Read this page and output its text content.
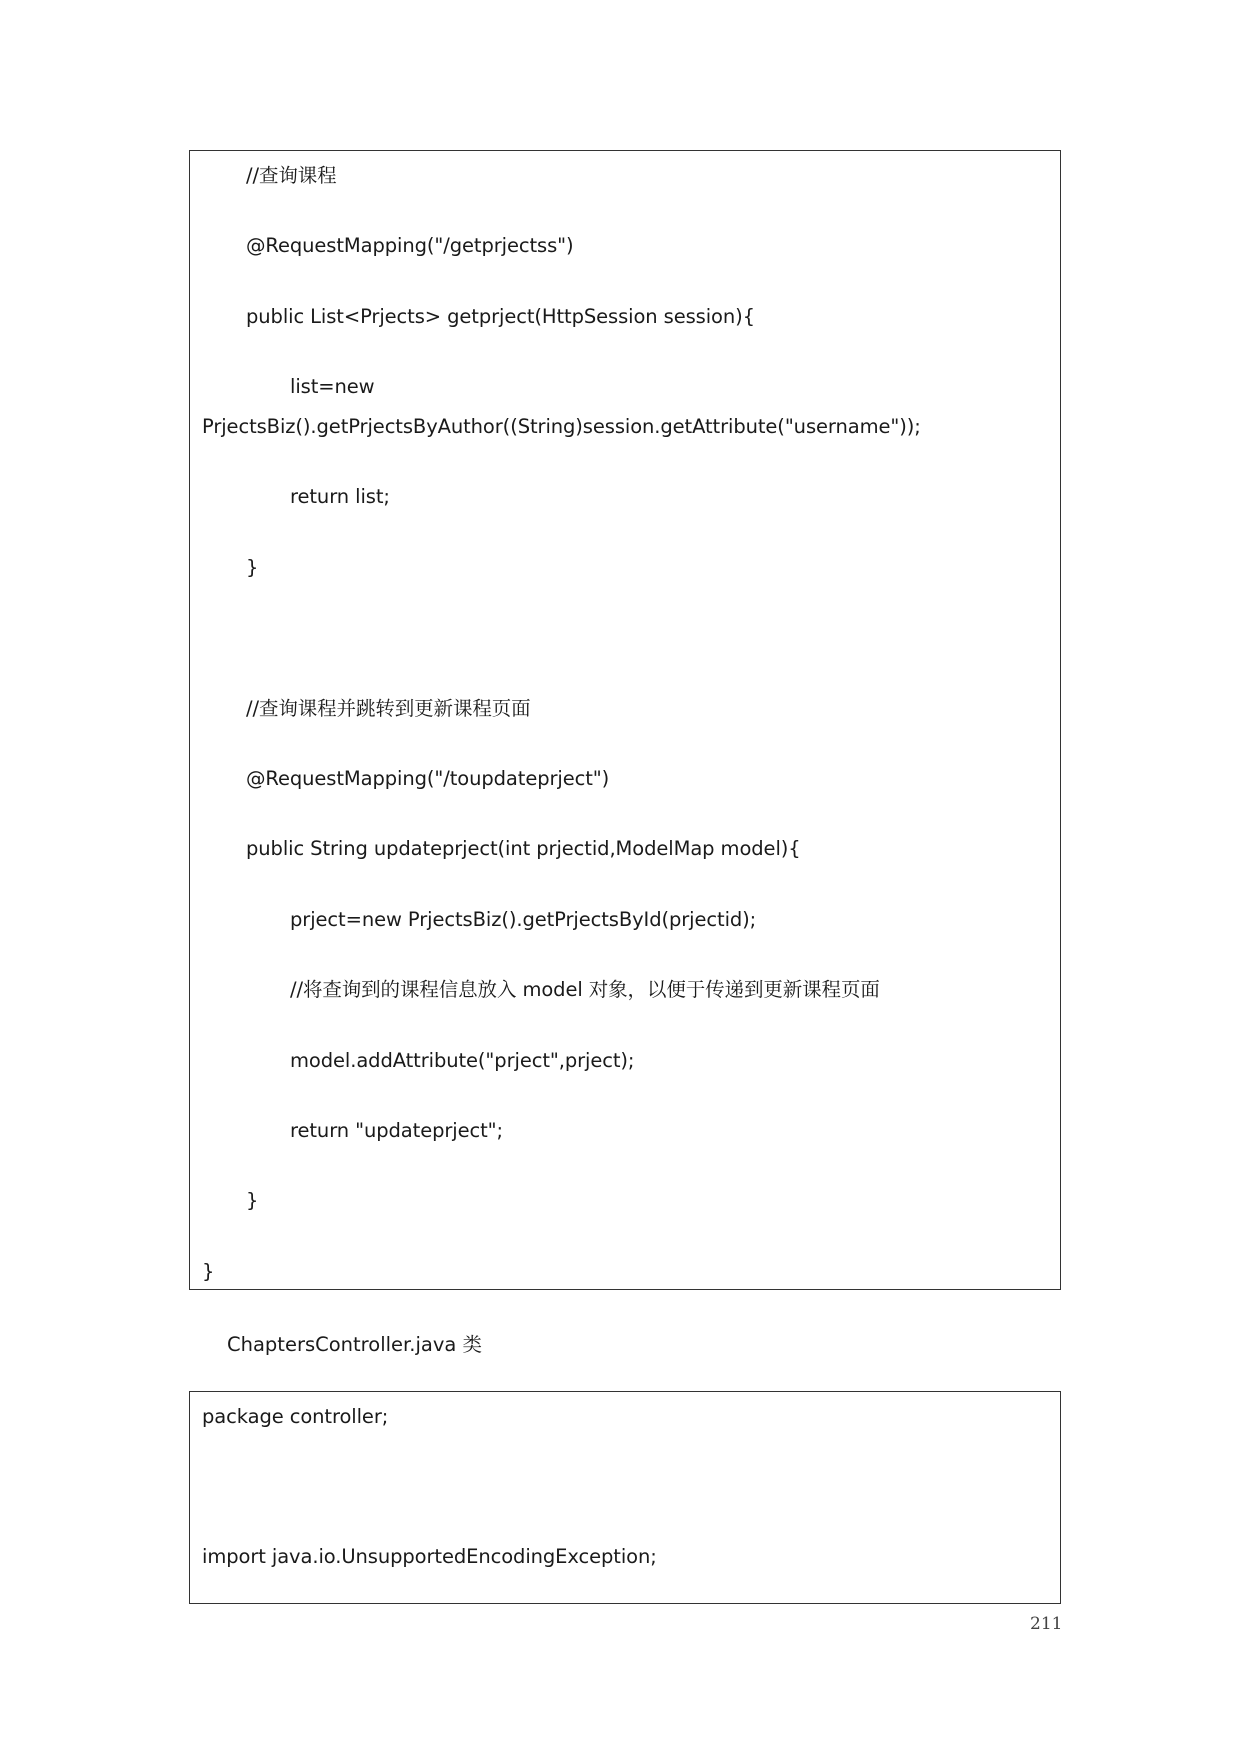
//查询课程
@RequestMapping("/getprjectss")
public List<Prjects> getprject(HttpSession session){
list=new
PrjectsBiz().getPrjectsByAuthor((String)session.getAttribute("username"));
return list;
}
//查询课程并跳转到更新课程页面
@RequestMapping("/toupdateprject")
public String updateprject(int prjectid,ModelMap model){
prject=new PrjectsBiz().getPrjectsById(prjectid);
//将查询到的课程信息放入 model 对象，以便于传递到更新课程页面
model.addAttribute("prject",prject);
return "updateprject";
}
}
ChaptersController.java 类
package controller;
import java.io.UnsupportedEncodingException;
211
